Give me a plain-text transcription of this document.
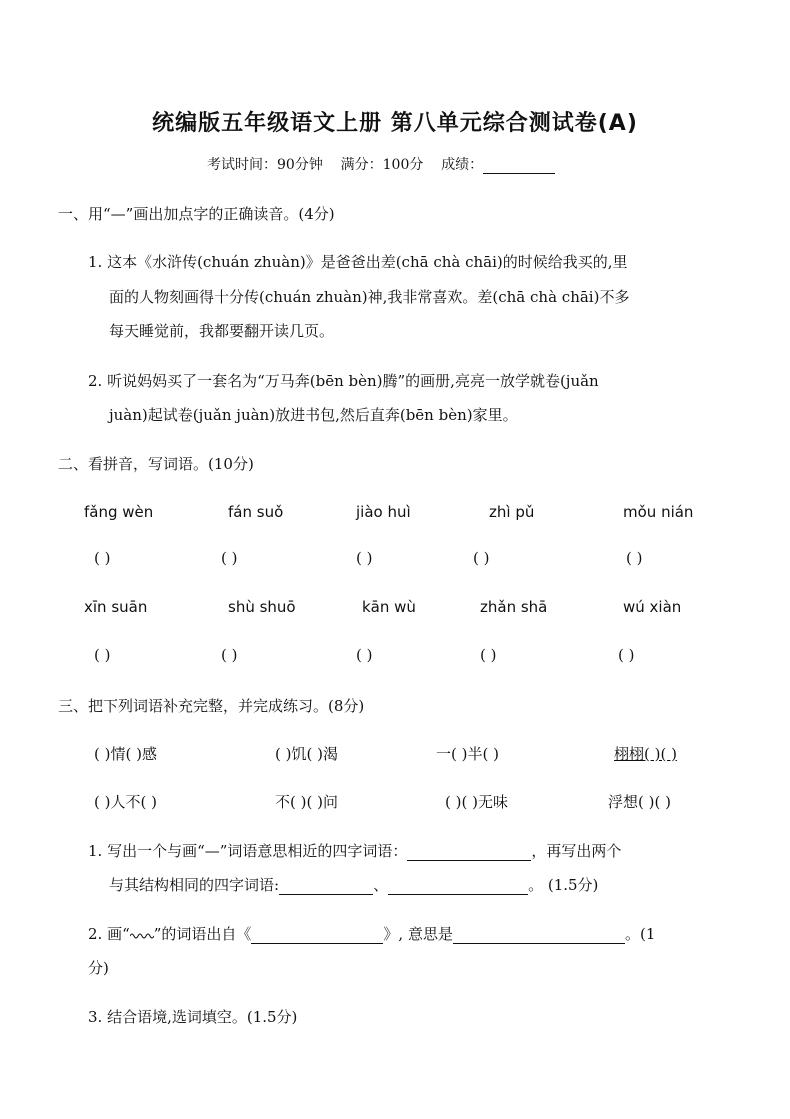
统编版五年级语文上册 第八单元综合测试卷(A)
考试时间：90分钟 满分：100分 成绩：
一、用“—”画出加点字的正确读音。(4分)
1. 这本《水浒传(chuán zhuàn)》是爸爸出差(chā chà chāi)的时候给我买的,里
面的人物刻画得十分传(chuán zhuàn)神,我非常喜欢。差(chā chà chāi)不多
每天睡觉前，我都要翻开读几页。
2. 听说妈妈买了一套名为“万马奔(bēn bèn)腾”的画册,亮亮一放学就卷(juǎn
juàn)起试卷(juǎn juàn)放进书包,然后直奔(bēn bèn)家里。
二、看拼音，写词语。(10分)
fǎng wèn	fán suǒ	jiào huì	zhì pǔ	mǒu nián
( )	( )	( )	( )	( )
xīn suān	shù shuō	kān wù	zhǎn shā	wú xiàn
( )	( )	( )	( )	( )
三、把下列词语补充完整，并完成练习。(8分)
( )情( )感	( )饥( )渴	一( )半( )	栩栩( )( )
( )人不( )	不( )( )问	( )( )无味	浮想( )( )
1. 写出一个与画“—”词语意思相近的四字词语：	，再写出两个
与其结构相同的四字词语:	、	。 (1.5分)
2. 画“ ”的词语出自《	》, 意思是	。(1
分)
3. 结合语境,选词填空。(1.5分)
